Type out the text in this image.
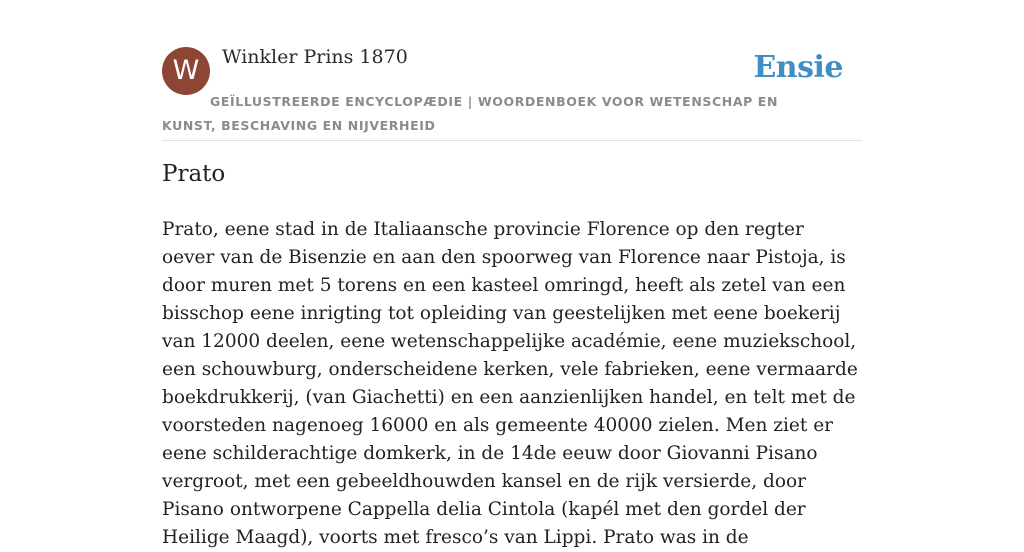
W	Winkler Prins 1870	Ensie
GEÏLLUSTREERDE ENCYCLOPÆDIE | WOORDENBOEK VOOR WETENSCHAP EN KUNST, BESCHAVING EN NIJVERHEID
Prato

Prato, eene stad in de Italiaansche provincie Florence op den regter oever van de Bisenzie en aan den spoorweg van Florence naar Pistoja, is door muren met 5 torens en een kasteel omringd, heeft als zetel van een bisschop eene inrigting tot opleiding van geestelijken met eene boekerij van 12000 deelen, eene wetenschappelijke académie, eene muziekschool, een schouwburg, onderscheidene kerken, vele fabrieken, eene vermaarde boekdrukkerij, (van Giachetti) en een aanzienlijken handel, en telt met de voorsteden nagenoeg 16000 en als gemeente 40000 zielen. Men ziet er eene schilderachtige domkerk, in de 14de eeuw door Giovanni Pisano vergroot, met een gebeeldhouwden kansel en de rijk versierde, door Pisano ontworpene Cappella delia Cintola (kapél met den gordel der Heilige Maagd), voorts met fresco’s van Lippi. Prato was in de
